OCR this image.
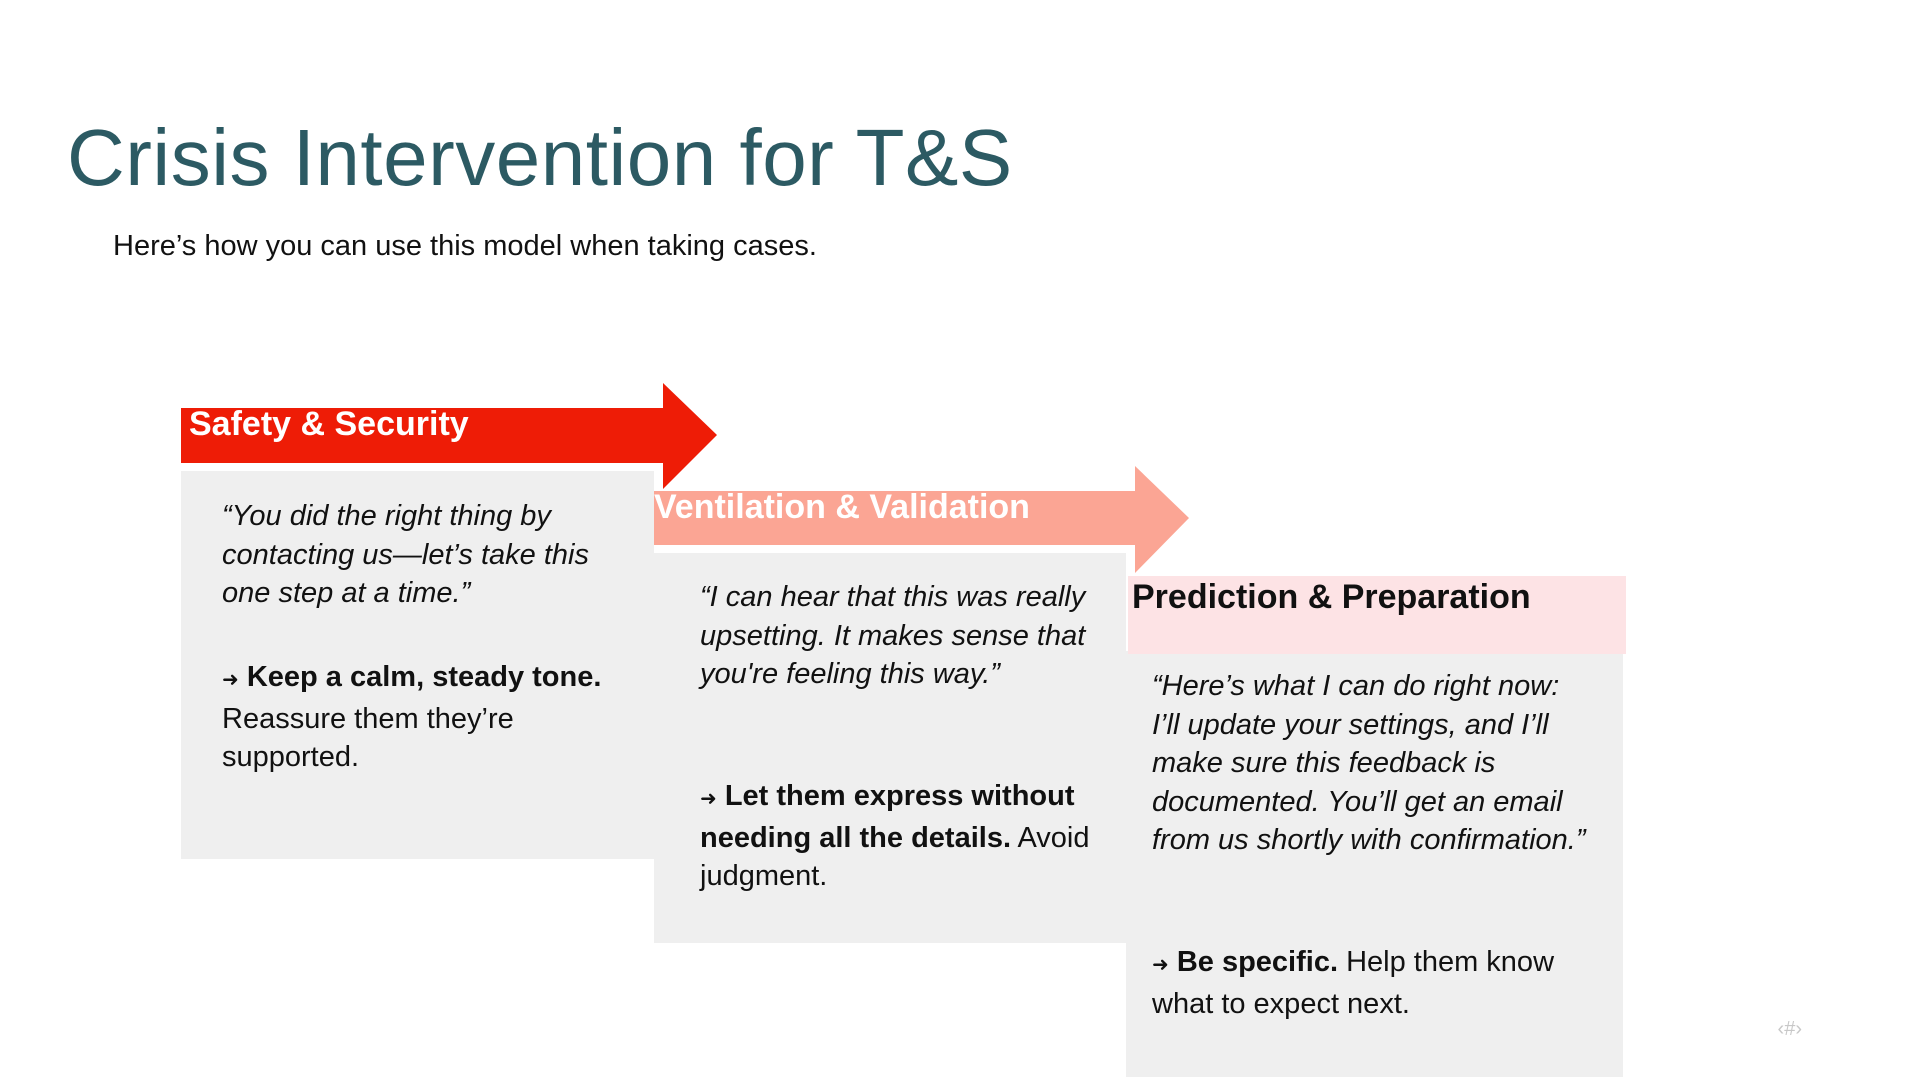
Crisis Intervention for T&S
Here’s how you can use this model when taking cases.
“You did the right thing by contacting us—let’s take this one step at a time.”
➜ Keep a calm, steady tone. Reassure them they’re supported.
Safety & Security
“I can hear that this was really upsetting. It makes sense that you're feeling this way.”
➜ Let them express without needing all the details. Avoid judgment.
Ventilation & Validation
Prediction & Preparation
“Here’s what I can do right now: I’ll update your settings, and I’ll make sure this feedback is documented. You’ll get an email from us shortly with confirmation.”
➜ Be specific. Help them know what to expect next.
‹#›
